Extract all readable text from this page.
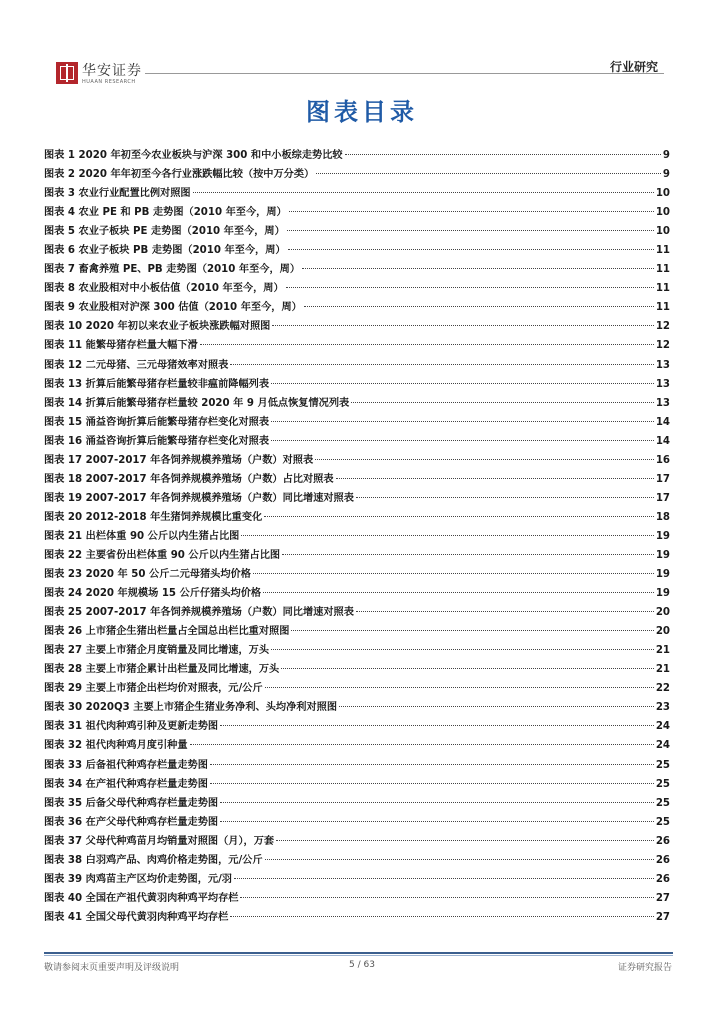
华安证券
HUAAN RESEARCH
行业研究
图表目录
图表 1 2020 年初至今农业板块与沪深 300 和中小板综走势比较	9
图表 2 2020 年年初至今各行业涨跌幅比较（按中万分类）	9
图表 3 农业行业配置比例对照图	10
图表 4 农业 PE 和 PB 走势图（2010 年至今，周）	10
图表 5 农业子板块 PE 走势图（2010 年至今，周）	10
图表 6 农业子板块 PB 走势图（2010 年至今，周）	11
图表 7 畜禽养殖 PE、PB 走势图（2010 年至今，周）	11
图表 8 农业股相对中小板估值（2010 年至今，周）	11
图表 9 农业股相对沪深 300 估值（2010 年至今，周）	11
图表 10 2020 年初以来农业子板块涨跌幅对照图	12
图表 11 能繁母猪存栏量大幅下滑	12
图表 12 二元母猪、三元母猪效率对照表	13
图表 13 折算后能繁母猪存栏量较非瘟前降幅列表	13
图表 14 折算后能繁母猪存栏量较 2020 年 9 月低点恢复情况列表	13
图表 15 涌益咨询折算后能繁母猪存栏变化对照表	14
图表 16 涌益咨询折算后能繁母猪存栏变化对照表	14
图表 17 2007-2017 年各饲养规模养殖场（户数）对照表	16
图表 18 2007-2017 年各饲养规模养殖场（户数）占比对照表	17
图表 19 2007-2017 年各饲养规模养殖场（户数）同比增速对照表	17
图表 20 2012-2018 年生猪饲养规模比重变化	18
图表 21 出栏体重 90 公斤以内生猪占比图	19
图表 22 主要省份出栏体重 90 公斤以内生猪占比图	19
图表 23 2020 年 50 公斤二元母猪头均价格	19
图表 24 2020 年规模场 15 公斤仔猪头均价格	19
图表 25 2007-2017 年各饲养规模养殖场（户数）同比增速对照表	20
图表 26 上市猪企生猪出栏量占全国总出栏比重对照图	20
图表 27 主要上市猪企月度销量及同比增速，万头	21
图表 28 主要上市猪企累计出栏量及同比增速，万头	21
图表 29 主要上市猪企出栏均价对照表，元/公斤	22
图表 30 2020Q3 主要上市猪企生猪业务净利、头均净利对照图	23
图表 31 祖代肉种鸡引种及更新走势图	24
图表 32 祖代肉种鸡月度引种量	24
图表 33 后备祖代种鸡存栏量走势图	25
图表 34 在产祖代种鸡存栏量走势图	25
图表 35 后备父母代种鸡存栏量走势图	25
图表 36 在产父母代种鸡存栏量走势图	25
图表 37 父母代种鸡苗月均销量对照图（月），万套	26
图表 38 白羽鸡产品、肉鸡价格走势图，元/公斤	26
图表 39 肉鸡苗主产区均价走势图，元/羽	26
图表 40 全国在产祖代黄羽肉种鸡平均存栏	27
图表 41 全国父母代黄羽肉种鸡平均存栏	27
敬请参阅末页重要声明及评级说明	5 / 63	证券研究报告
